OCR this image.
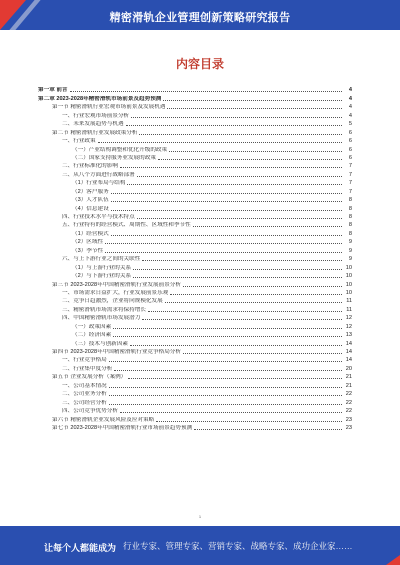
精密滑轨企业管理创新策略研究报告
内容目录
第一章 前言	4
第二章 2023-2028年精密滑轨市场前景及趋势预测	4
第一节 精密滑轨行业宏观市场前景及发展机遇	4
一、行业宏观市场前景分析	4
二、未来发展趋势与机遇	5
第二节 精密滑轨行业发展政策分析	6
一、行业政策	6
（一）产业结构调整和优化升级的政策	6
（二）国家支持服务业发展的政策	6
二、行业标准化的影响	7
三、从八个方面进行战略部署	7
（1）行业布局与结构	7
（2）客户服务	7
（3）人才队伍	8
（4）信息建设	8
四、行业技术水平与技术特点	8
五、行业特有的经营模式、周期性、区域性和季节性	8
（1）经营模式	8
（2）区域性	9
（3）季节性	9
六、与上下游行业之间的关联性	9
（1）与上游行业的关系	10
（2）与下游行业的关系	10
第三节 2023-2028年中国精密滑轨行业发展前景分析	10
一、市场需求日益扩大，行业发展前景乐观	10
二、竞争日趋激烈，企业将向规模化发展	11
三、精密滑轨市场需求将保持增长	11
四、中国精密滑轨市场发展潜力	12
（一）政策因素	12
（二）经济因素	13
（三）技术与创新因素	14
第四节 2023-2028年中国精密滑轨行业竞争格局分析	14
一、行业竞争格局	14
二、行业集中度分析	20
第五节 企业发展分析（案例）	21
一、公司基本情况	21
二、公司业务分析	22
三、公司经营分析	22
四、公司竞争优势分析	22
第六节 精密滑轨企业发展风险及应对策略	23
第七节 2023-2028年中国精密滑轨行业市场前景趋势预测	23
1
让每个人都能成为 行业专家、管理专家、营销专家、战略专家、成功企业家……
